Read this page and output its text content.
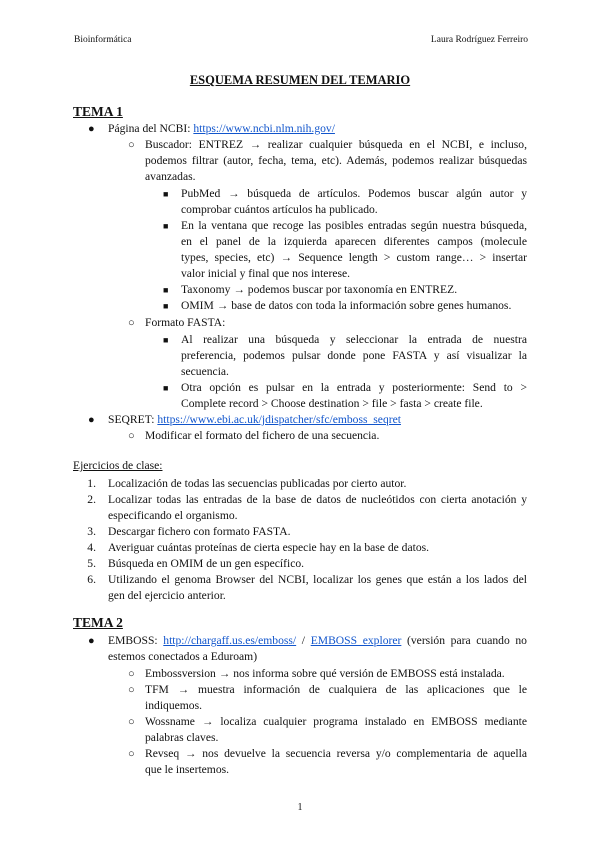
Bioinformática	Laura Rodríguez Ferreiro
ESQUEMA RESUMEN DEL TEMARIO
TEMA 1
● Página del NCBI: https://www.ncbi.nlm.nih.gov/
○ Buscador: ENTREZ → realizar cualquier búsqueda en el NCBI, e incluso,
podemos filtrar (autor, fecha, tema, etc). Además, podemos realizar búsquedas
avanzadas.
■ PubMed → búsqueda de artículos. Podemos buscar algún autor y
comprobar cuántos artículos ha publicado.
■ En la ventana que recoge las posibles entradas según nuestra búsqueda,
en el panel de la izquierda aparecen diferentes campos (molecule
types, species, etc) → Sequence length > custom range… > insertar
valor inicial y final que nos interese.
■ Taxonomy → podemos buscar por taxonomía en ENTREZ.
■ OMIM → base de datos con toda la información sobre genes humanos.
○ Formato FASTA:
■ Al realizar una búsqueda y seleccionar la entrada de nuestra
preferencia, podemos pulsar donde pone FASTA y así visualizar la
secuencia.
■ Otra opción es pulsar en la entrada y posteriormente: Send to >
Complete record > Choose destination > file > fasta > create file.
● SEQRET: https://www.ebi.ac.uk/jdispatcher/sfc/emboss_seqret
○ Modificar el formato del fichero de una secuencia.
Ejercicios de clase:
1. Localización de todas las secuencias publicadas por cierto autor.
2. Localizar todas las entradas de la base de datos de nucleótidos con cierta anotación y
especificando el organismo.
3. Descargar fichero con formato FASTA.
4. Averiguar cuántas proteínas de cierta especie hay en la base de datos.
5. Búsqueda en OMIM de un gen específico.
6. Utilizando el genoma Browser del NCBI, localizar los genes que están a los lados del
gen del ejercicio anterior.
TEMA 2
● EMBOSS: http://chargaff.us.es/emboss/ / EMBOSS explorer (versión para cuando no
estemos conectados a Eduroam)
○ Embossversion → nos informa sobre qué versión de EMBOSS está instalada.
○ TFM → muestra información de cualquiera de las aplicaciones que le
indiquemos.
○ Wossname → localiza cualquier programa instalado en EMBOSS mediante
palabras claves.
○ Revseq → nos devuelve la secuencia reversa y/o complementaria de aquella
que le insertemos.
1
